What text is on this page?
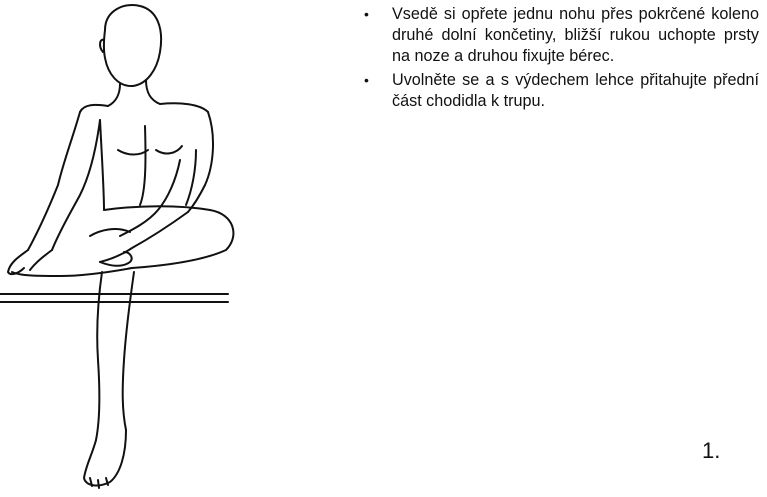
• Vsedě si opřete jednu nohu přes pokrčené koleno druhé dolní končetiny, bližší rukou uchopte prsty na noze a druhou fixujte bérec.
• Uvolněte se a s výdechem lehce přitahujte přední část chodidla k trupu.
1.
